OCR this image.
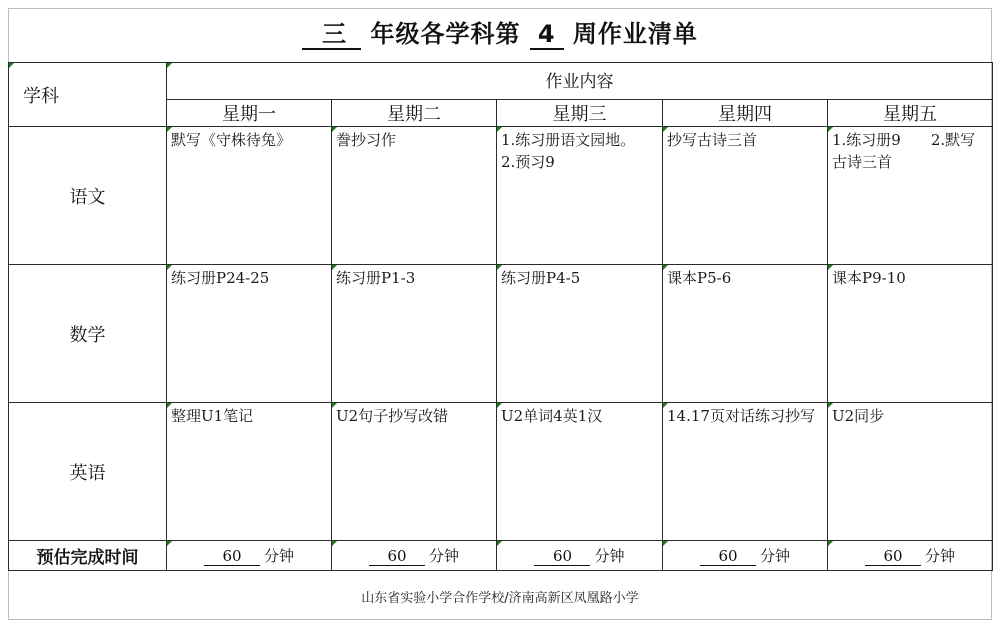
三 年级各学科第 4 周作业清单
学科	作业内容				
	星期一	星期二	星期三	星期四	星期五
语文	默写《守株待兔》	誊抄习作	1.练习册语文园地。　　　2.预习9	抄写古诗三首	1.练习册9　　2.默写古诗三首
数学	练习册P24-25	练习册P1-3	练习册P4-5	课本P5-6	课本P9-10
英语	整理U1笔记	U2句子抄写改错	U2单词4英1汉	14.17页对话练习抄写	U2同步
预估完成时间	60 分钟	60 分钟	60 分钟	60 分钟	60 分钟
山东省实验小学合作学校/济南高新区凤凰路小学
